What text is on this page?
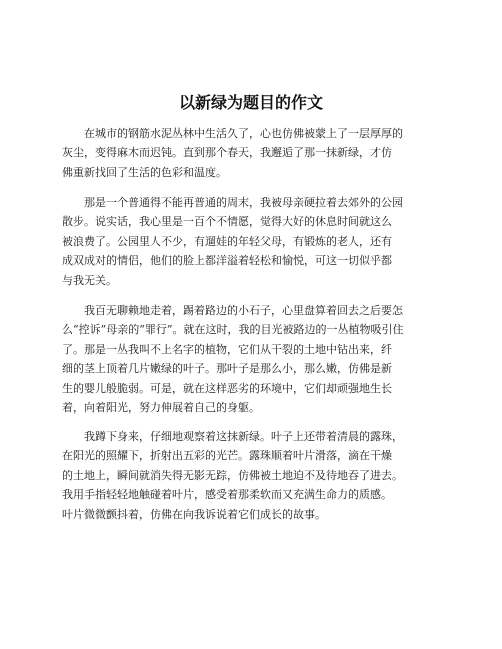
以新绿为题目的作文

在城市的钢筋水泥丛林中生活久了，心也仿佛被蒙上了一层厚厚的
灰尘，变得麻木而迟钝。直到那个春天，我邂逅了那一抹新绿，才仿
佛重新找回了生活的色彩和温度。

那是一个普通得不能再普通的周末，我被母亲硬拉着去郊外的公园
散步。说实话，我心里是一百个不情愿，觉得大好的休息时间就这么
被浪费了。公园里人不少，有遛娃的年轻父母，有锻炼的老人，还有
成双成对的情侣，他们的脸上都洋溢着轻松和愉悦，可这一切似乎都
与我无关。

我百无聊赖地走着，踢着路边的小石子，心里盘算着回去之后要怎
么“控诉”母亲的“罪行”。就在这时，我的目光被路边的一丛植物吸引住
了。那是一丛我叫不上名字的植物，它们从干裂的土地中钻出来，纤
细的茎上顶着几片嫩绿的叶子。那叶子是那么小，那么嫩，仿佛是新
生的婴儿般脆弱。可是，就在这样恶劣的环境中，它们却顽强地生长
着，向着阳光，努力伸展着自己的身躯。

我蹲下身来，仔细地观察着这抹新绿。叶子上还带着清晨的露珠，
在阳光的照耀下，折射出五彩的光芒。露珠顺着叶片滑落，滴在干燥
的土地上，瞬间就消失得无影无踪，仿佛被土地迫不及待地吞了进去。
我用手指轻轻地触碰着叶片，感受着那柔软而又充满生命力的质感。
叶片微微颤抖着，仿佛在向我诉说着它们成长的故事。
